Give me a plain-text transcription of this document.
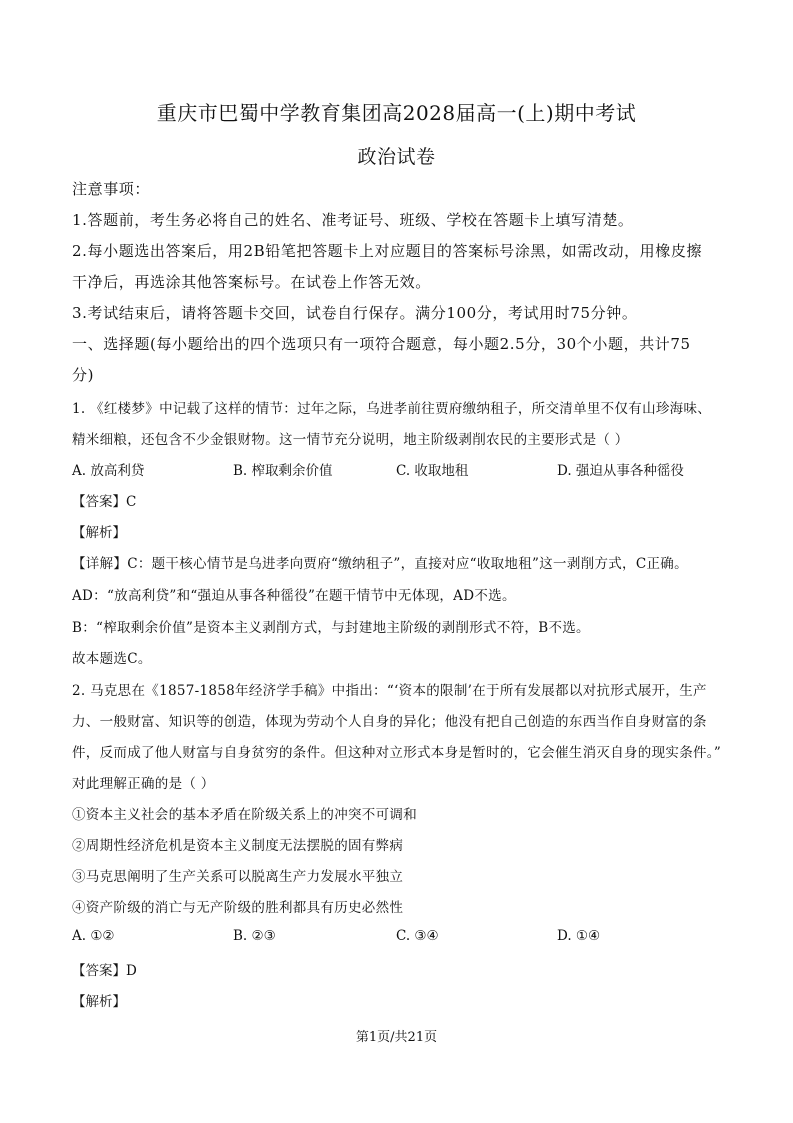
重庆市巴蜀中学教育集团高2028届高一(上)期中考试
政治试卷
注意事项：
1.答题前，考生务必将自己的姓名、准考证号、班级、学校在答题卡上填写清楚。
2.每小题选出答案后，用2B铅笔把答题卡上对应题目的答案标号涂黑，如需改动，用橡皮擦
干净后，再选涂其他答案标号。在试卷上作答无效。
3.考试结束后，请将答题卡交回，试卷自行保存。满分100分，考试用时75分钟。
一、选择题(每小题给出的四个选项只有一项符合题意，每小题2.5分，30个小题，共计75
分)
1. 《红楼梦》中记载了这样的情节：过年之际，乌进孝前往贾府缴纳租子，所交清单里不仅有山珍海味、
精米细粮，还包含不少金银财物。这一情节充分说明，地主阶级剥削农民的主要形式是（ ）
A. 放高利贷	B. 榨取剩余价值	C. 收取地租	D. 强迫从事各种徭役
【答案】C
【解析】
【详解】C：题干核心情节是乌进孝向贾府“缴纳租子”，直接对应“收取地租”这一剥削方式，C正确。
AD：“放高利贷”和“强迫从事各种徭役”在题干情节中无体现，AD不选。
B：“榨取剩余价值”是资本主义剥削方式，与封建地主阶级的剥削形式不符，B不选。
故本题选C。
2. 马克思在《1857-1858年经济学手稿》中指出：“‘资本的限制’在于所有发展都以对抗形式展开，生产
力、一般财富、知识等的创造，体现为劳动个人自身的异化；他没有把自己创造的东西当作自身财富的条
件，反而成了他人财富与自身贫穷的条件。但这种对立形式本身是暂时的，它会催生消灭自身的现实条件。”
对此理解正确的是（ ）
①资本主义社会的基本矛盾在阶级关系上的冲突不可调和
②周期性经济危机是资本主义制度无法摆脱的固有弊病
③马克思阐明了生产关系可以脱离生产力发展水平独立
④资产阶级的消亡与无产阶级的胜利都具有历史必然性
A. ①②	B. ②③	C. ③④	D. ①④
【答案】D
【解析】
第1页/共21页
